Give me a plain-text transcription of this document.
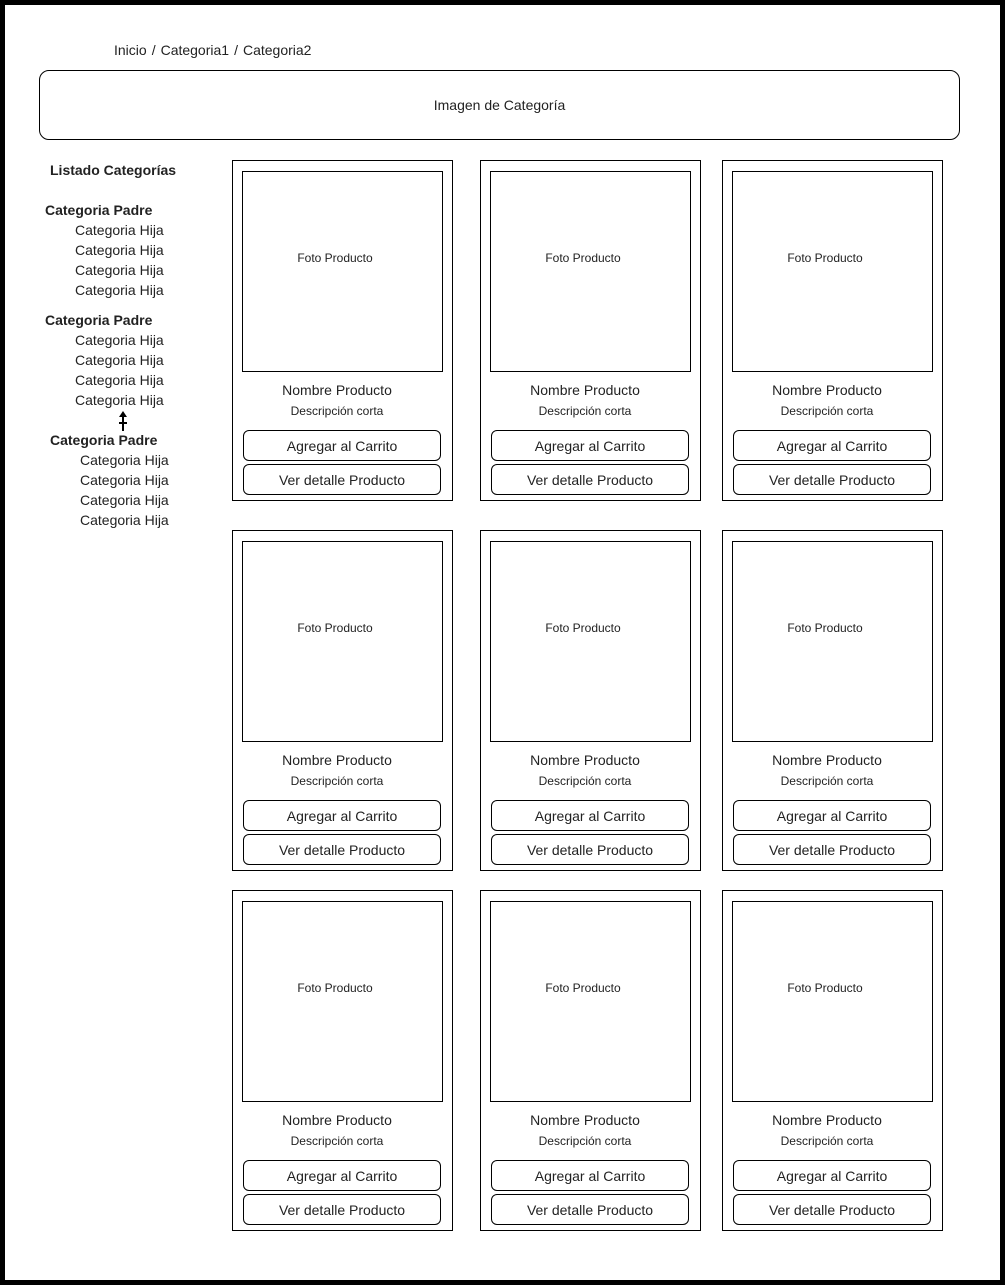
Inicio / Categoria1 / Categoria2
Imagen de Categoría
Listado Categorías
Categoria Padre
Categoria Hija
Categoria Hija
Categoria Hija
Categoria Hija
Categoria Padre
Categoria Hija
Categoria Hija
Categoria Hija
Categoria Hija
Categoria Padre
Categoria Hija
Categoria Hija
Categoria Hija
Categoria Hija
Foto Producto
Nombre Producto
Descripción corta
Agregar al Carrito
Ver detalle Producto
Foto Producto
Nombre Producto
Descripción corta
Agregar al Carrito
Ver detalle Producto
Foto Producto
Nombre Producto
Descripción corta
Agregar al Carrito
Ver detalle Producto
Foto Producto
Nombre Producto
Descripción corta
Agregar al Carrito
Ver detalle Producto
Foto Producto
Nombre Producto
Descripción corta
Agregar al Carrito
Ver detalle Producto
Foto Producto
Nombre Producto
Descripción corta
Agregar al Carrito
Ver detalle Producto
Foto Producto
Nombre Producto
Descripción corta
Agregar al Carrito
Ver detalle Producto
Foto Producto
Nombre Producto
Descripción corta
Agregar al Carrito
Ver detalle Producto
Foto Producto
Nombre Producto
Descripción corta
Agregar al Carrito
Ver detalle Producto
